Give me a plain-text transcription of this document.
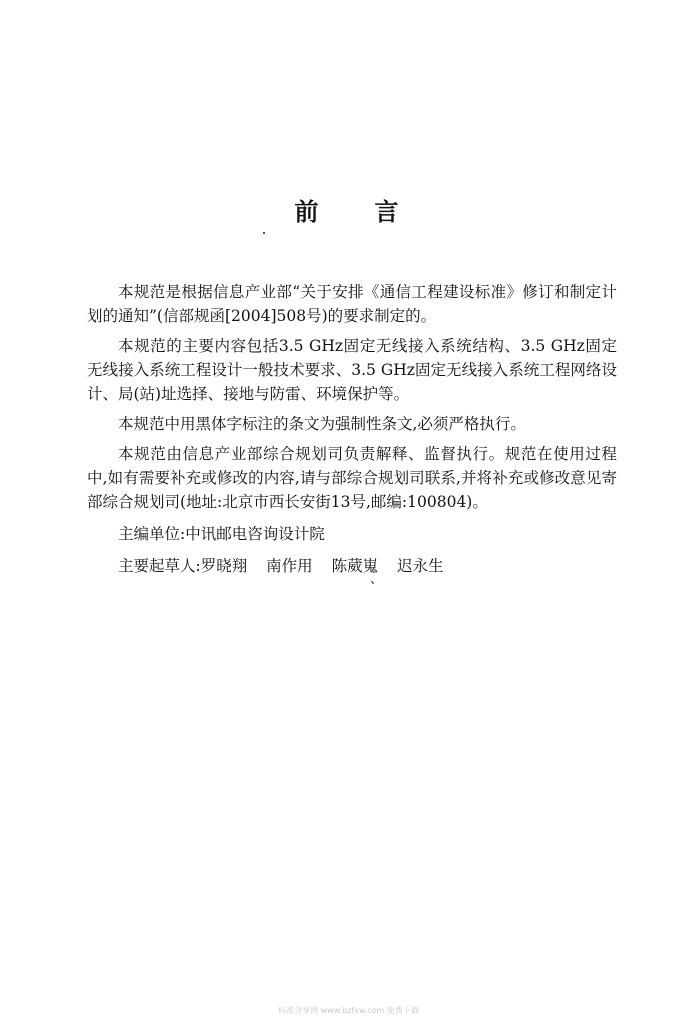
前 言

本规范是根据信息产业部“关于安排《通信工程建设标准》修订和制定计划的通知”(信部规函[2004]508号)的要求制定的。

本规范的主要内容包括3.5 GHz固定无线接入系统结构、3.5 GHz固定无线接入系统工程设计一般技术要求、3.5 GHz固定无线接入系统工程网络设计、局(站)址选择、接地与防雷、环境保护等。

本规范中用黑体字标注的条文为强制性条文,必须严格执行。

本规范由信息产业部综合规划司负责解释、监督执行。规范在使用过程中,如有需要补充或修改的内容,请与部综合规划司联系,并将补充或修改意见寄部综合规划司(地址:北京市西长安街13号,邮编:100804)。

主编单位:中讯邮电咨询设计院

主要起草人:罗晓翔 南作用 陈葳嵬 迟永生

、
标准分享网 www.bzfxw.com 免费下载
